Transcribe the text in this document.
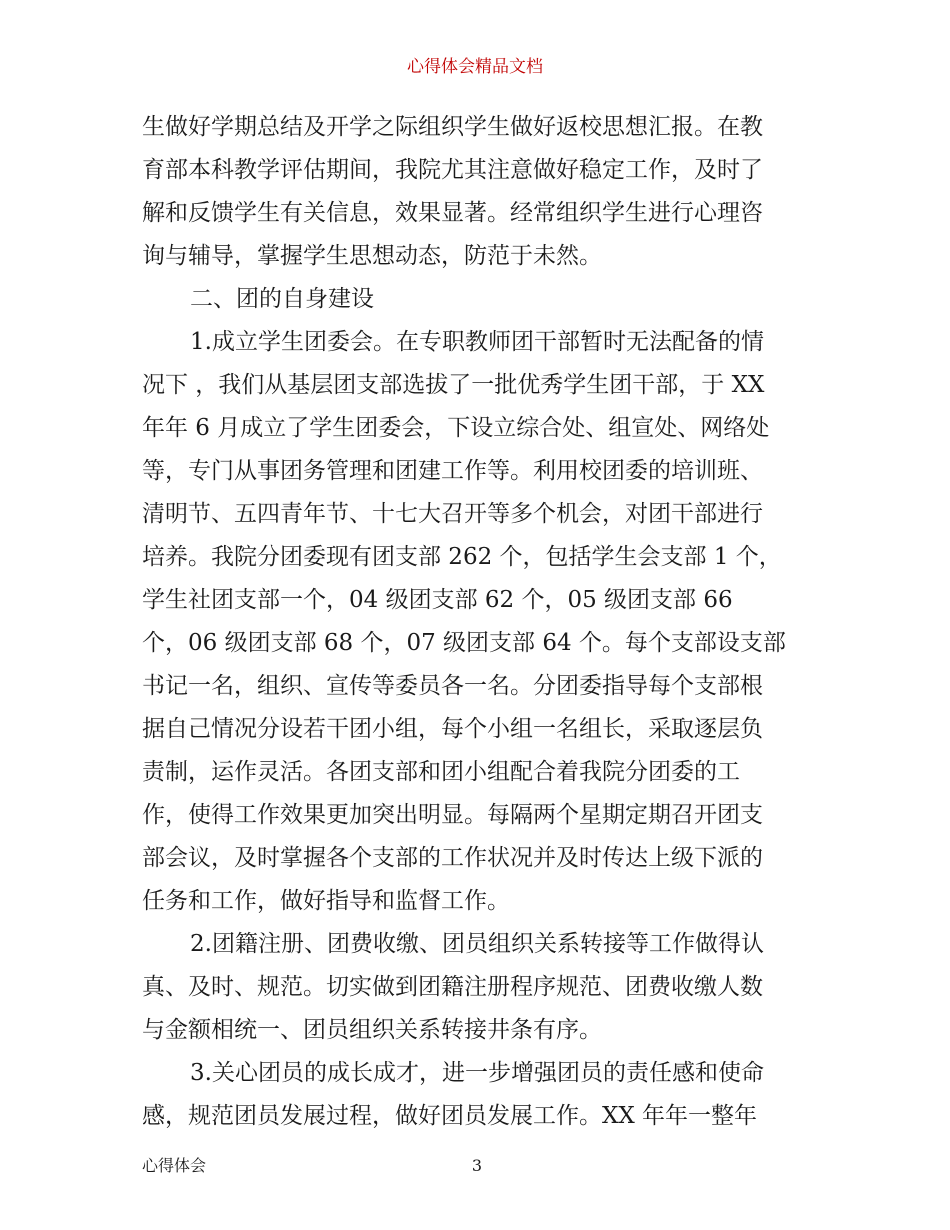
心得体会精品文档
生做好学期总结及开学之际组织学生做好返校思想汇报。在教
育部本科教学评估期间，我院尤其注意做好稳定工作，及时了
解和反馈学生有关信息，效果显著。经常组织学生进行心理咨
询与辅导，掌握学生思想动态，防范于未然。
二、团的自身建设
1.成立学生团委会。在专职教师团干部暂时无法配备的情
况下 ，我们从基层团支部选拔了一批优秀学生团干部，于 XX
年年 6 月成立了学生团委会，下设立综合处、组宣处、网络处
等，专门从事团务管理和团建工作等。利用校团委的培训班、
清明节、五四青年节、十七大召开等多个机会，对团干部进行
培养。我院分团委现有团支部 262 个，包括学生会支部 1 个，
学生社团支部一个，04 级团支部 62 个，05 级团支部 66
个，06 级团支部 68 个，07 级团支部 64 个。每个支部设支部
书记一名，组织、宣传等委员各一名。分团委指导每个支部根
据自己情况分设若干团小组，每个小组一名组长，采取逐层负
责制，运作灵活。各团支部和团小组配合着我院分团委的工
作，使得工作效果更加突出明显。每隔两个星期定期召开团支
部会议，及时掌握各个支部的工作状况并及时传达上级下派的
任务和工作，做好指导和监督工作。
2.团籍注册、团费收缴、团员组织关系转接等工作做得认
真、及时、规范。切实做到团籍注册程序规范、团费收缴人数
与金额相统一、团员组织关系转接井条有序。
3.关心团员的成长成才，进一步增强团员的责任感和使命
感，规范团员发展过程，做好团员发展工作。XX 年年一整年
心得体会	3
